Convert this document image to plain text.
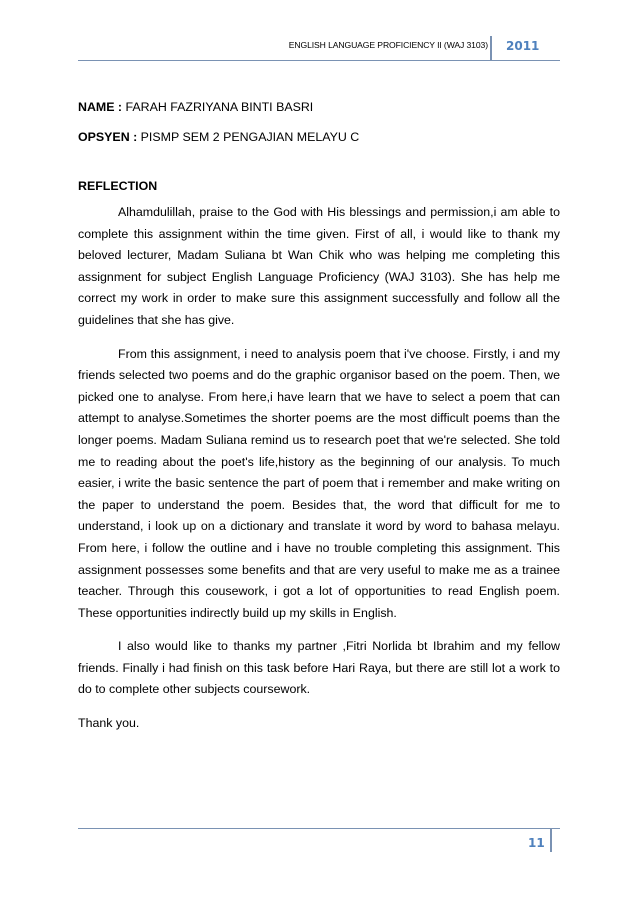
ENGLISH LANGUAGE PROFICIENCY II (WAJ 3103) 2011

NAME : FARAH FAZRIYANA BINTI BASRI

OPSYEN : PISMP SEM 2 PENGAJIAN MELAYU C

REFLECTION

Alhamdulillah, praise to the God with His blessings and permission,i am able to complete this assignment within the time given. First of all, i would like to thank my beloved lecturer, Madam Suliana bt Wan Chik who was helping me completing this assignment for subject English Language Proficiency (WAJ 3103). She has help me correct my work in order to make sure this assignment successfully and follow all the guidelines that she has give.

From this assignment, i need to analysis poem that i've choose. Firstly, i and my friends selected two poems and do the graphic organisor based on the poem. Then, we picked one to analyse. From here,i have learn that we have to select a poem that can attempt to analyse.Sometimes the shorter poems are the most difficult poems than the longer poems. Madam Suliana remind us to research poet that we're selected. She told me to reading about the poet's life,history as the beginning of our analysis. To much easier, i write the basic sentence the part of poem that i remember and make writing on the paper to understand the poem. Besides that, the word that difficult for me to understand, i look up on a dictionary and translate it word by word to bahasa melayu. From here, i follow the outline and i have no trouble completing this assignment. This assignment possesses some benefits and that are very useful to make me as a trainee teacher. Through this cousework, i got a lot of opportunities to read English poem. These opportunities indirectly build up my skills in English.

I also would like to thanks my partner ,Fitri Norlida bt Ibrahim and my fellow friends. Finally i had finish on this task before Hari Raya, but there are still lot a work to do to complete other subjects coursework.

Thank you.

11
